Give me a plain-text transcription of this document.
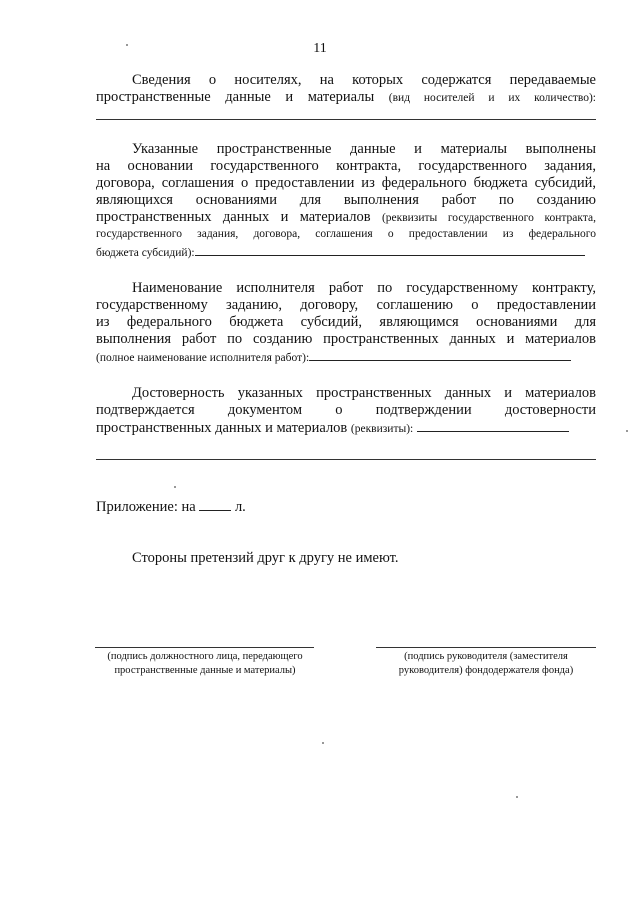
11
Сведения о носителях, на которых содержатся передаваемые
пространственные данные и материалы (вид носителей и их количество):
Указанные пространственные данные и материалы выполнены
на основании государственного контракта, государственного задания,
договора, соглашения о предоставлении из федерального бюджета субсидий,
являющихся основаниями для выполнения работ по созданию
пространственных данных и материалов (реквизиты государственного контракта,
государственного задания, договора, соглашения о предоставлении из федерального
бюджета субсидий):
Наименование исполнителя работ по государственному контракту,
государственному заданию, договору, соглашению о предоставлении
из федерального бюджета субсидий, являющимся основаниями для
выполнения работ по созданию пространственных данных и материалов
(полное наименование исполнителя работ):
Достоверность указанных пространственных данных и материалов
подтверждается документом о подтверждении достоверности
пространственных данных и материалов (реквизиты):
Приложение: на	л.
Стороны претензий друг к другу не имеют.
(подпись должностного лица, передающего
пространственные данные и материалы)
(подпись руководителя (заместителя
руководителя) фондодержателя фонда)
